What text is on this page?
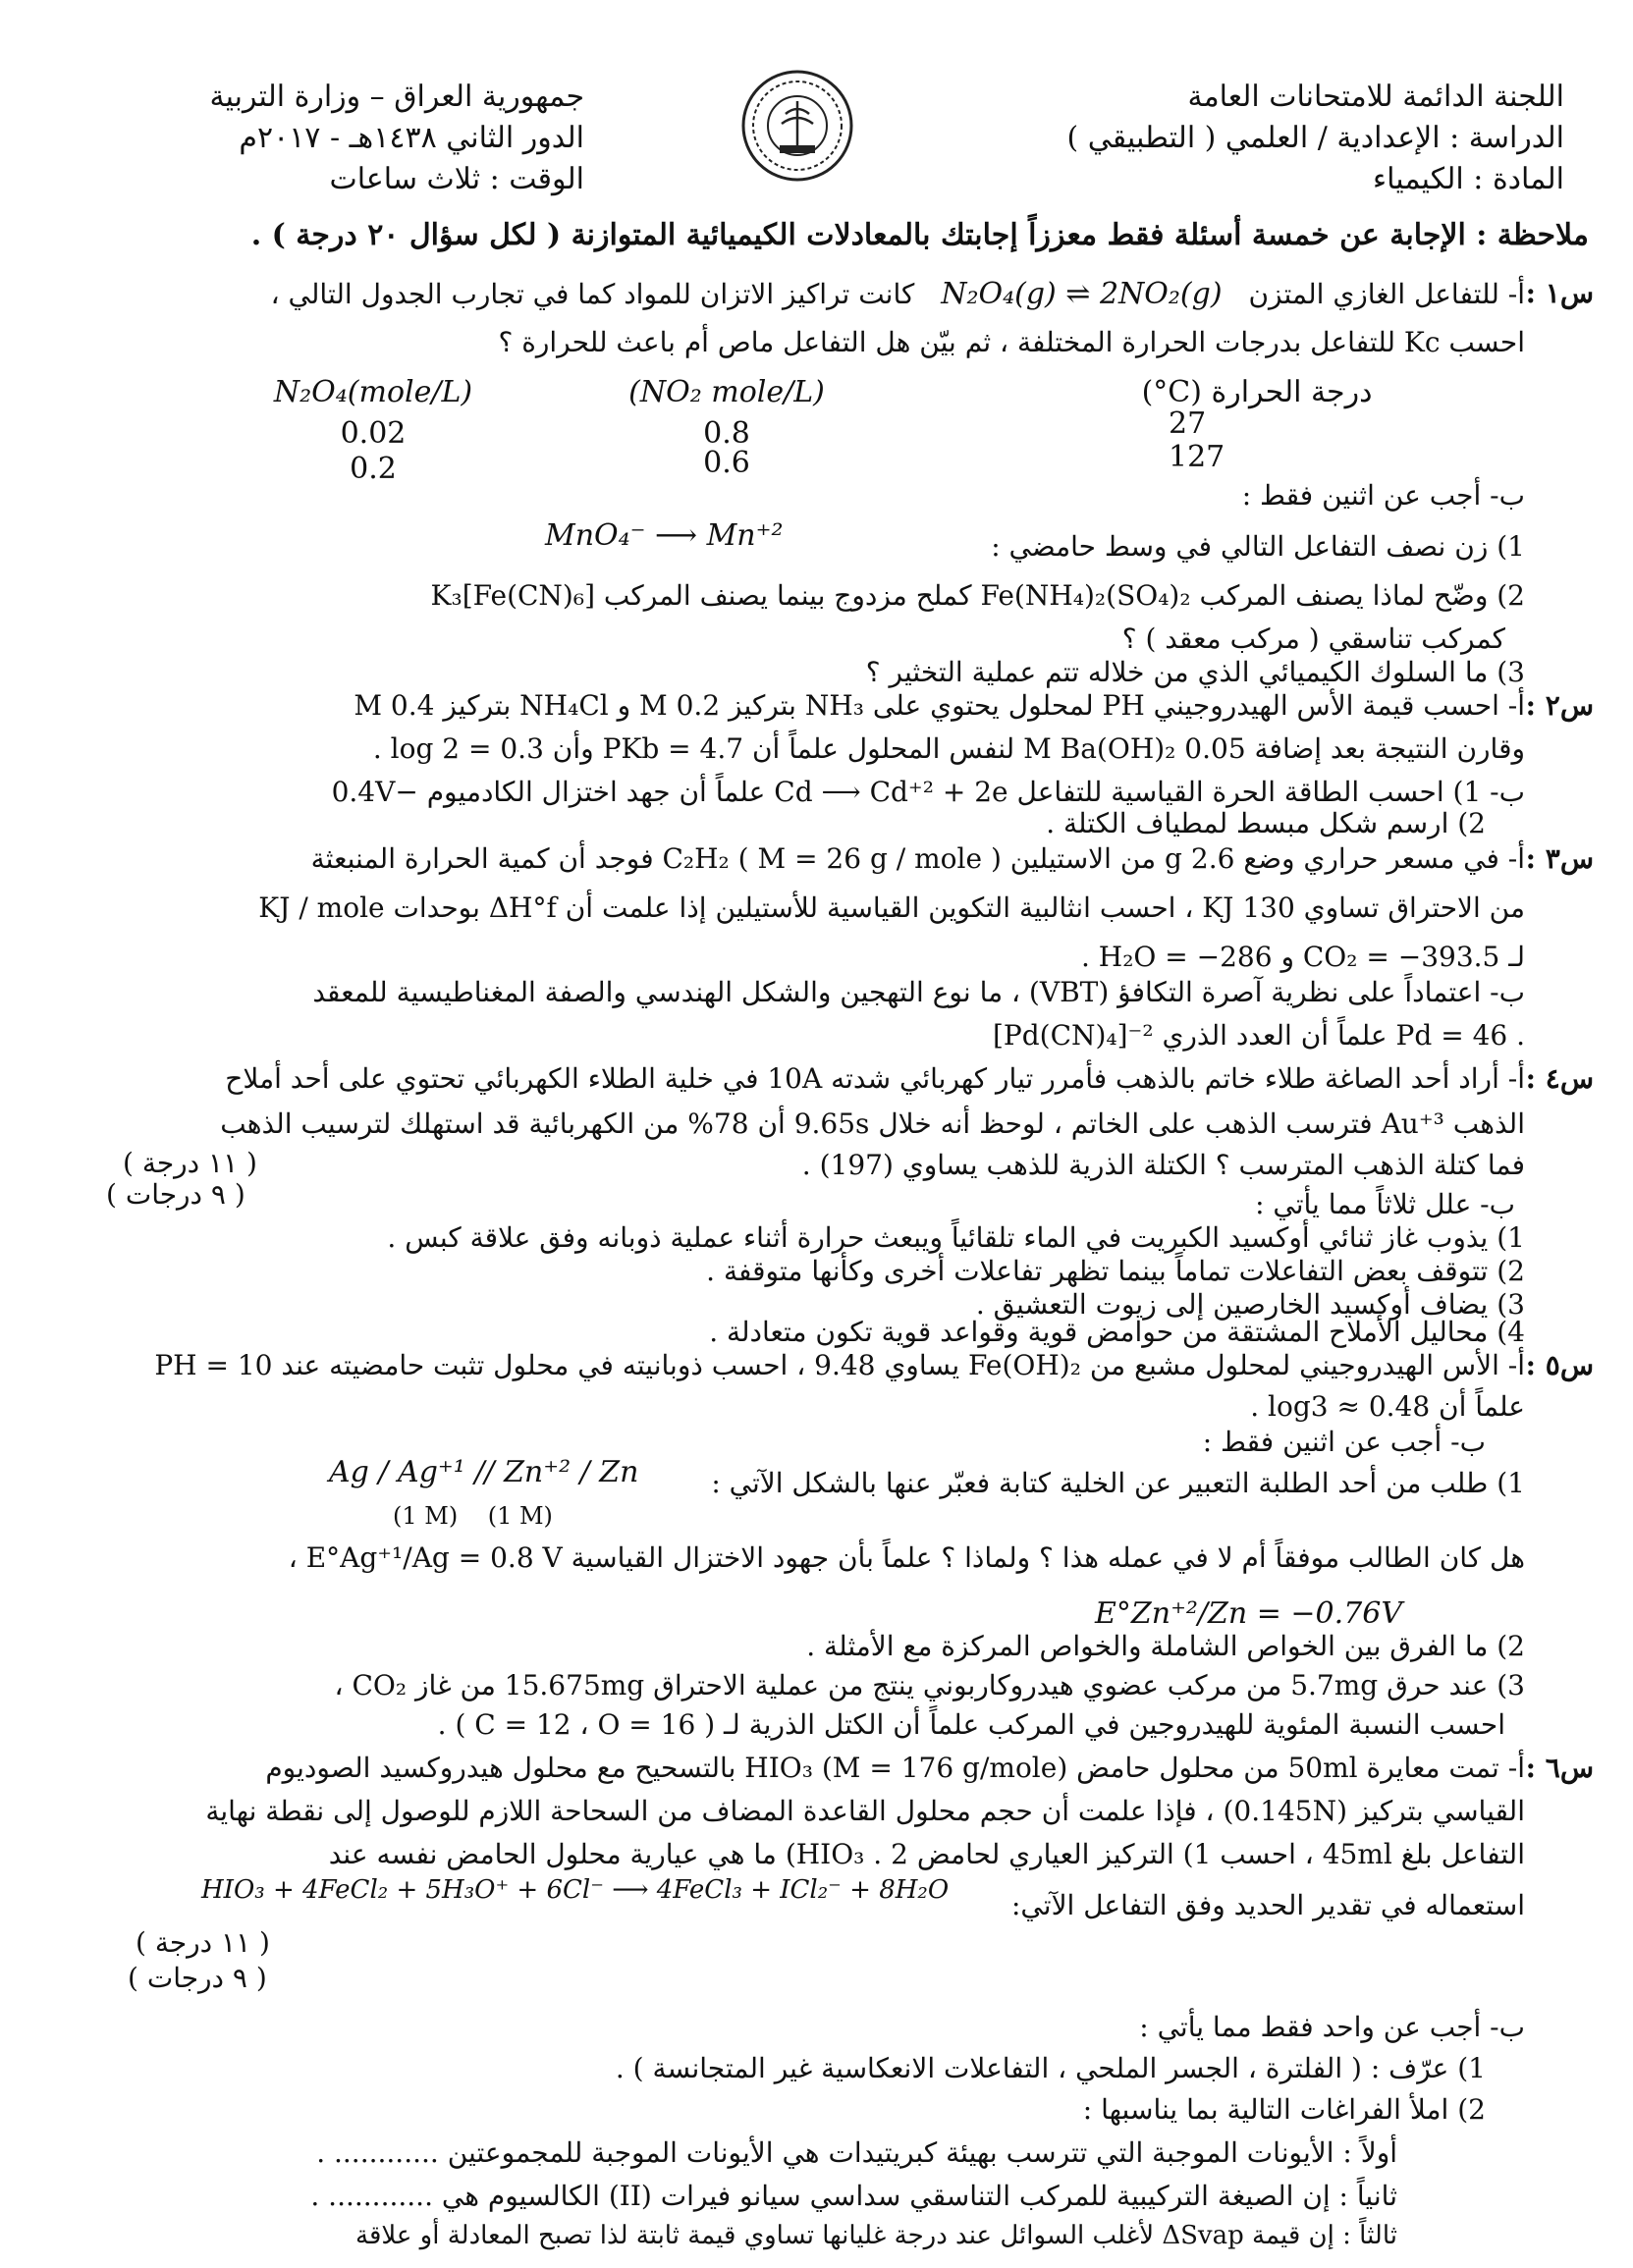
اللجنة الدائمة للامتحانات العامة
الدراسة : الإعدادية / العلمي ( التطبيقي )
المادة : الكيمياء
جمهورية العراق – وزارة التربية
الدور الثاني ١٤٣٨هـ - ٢٠١٧م
الوقت : ثلاث ساعات
ملاحظة : الإجابة عن خمسة أسئلة فقط معززاً إجابتك بالمعادلات الكيميائية المتوازنة ( لكل سؤال ٢٠ درجة ) .
س١ :
أ- للتفاعل الغازي المتزن N₂O₄(g) ⇌ 2NO₂(g) كانت تراكيز الاتزان للمواد كما في تجارب الجدول التالي ،
احسب Kc للتفاعل بدرجات الحرارة المختلفة ، ثم بيّن هل التفاعل ماص أم باعث للحرارة ؟
درجة الحرارة (C°)
(NO₂ mole/L)
N₂O₄(mole/L)
27
0.8
0.02
127
0.6
0.2
ب- أجب عن اثنين فقط :
MnO₄⁻ ⟶ Mn⁺²	1) زن نصف التفاعل التالي في وسط حامضي :
2) وضّح لماذا يصنف المركب Fe(NH₄)₂(SO₄)₂ كملح مزدوج بينما يصنف المركب K₃[Fe(CN)₆]
كمركب تناسقي ( مركب معقد ) ؟
3) ما السلوك الكيميائي الذي من خلاله تتم عملية التخثير ؟
س٢ :
أ- احسب قيمة الأس الهيدروجيني PH لمحلول يحتوي على NH₃ بتركيز 0.2 M و NH₄Cl بتركيز 0.4 M
وقارن النتيجة بعد إضافة 0.05 M Ba(OH)₂ لنفس المحلول علماً أن PKb = 4.7 وأن log 2 = 0.3 .
ب- 1) احسب الطاقة الحرة القياسية للتفاعل Cd ⟶ Cd⁺² + 2e علماً أن جهد اختزال الكادميوم −0.4V
2) ارسم شكل مبسط لمطياف الكتلة .
س٣ :
أ- في مسعر حراري وضع 2.6 g من الاستيلين C₂H₂ ( M = 26 g / mole ) فوجد أن كمية الحرارة المنبعثة
من الاحتراق تساوي 130 KJ ، احسب انثالبية التكوين القياسية للأستيلين إذا علمت أن ΔH°f بوحدات KJ / mole
لـ CO₂ = −393.5 و H₂O = −286 .
ب- اعتماداً على نظرية آصرة التكافؤ (VBT) ، ما نوع التهجين والشكل الهندسي والصفة المغناطيسية للمعقد
[Pd(CN)₄]⁻² علماً أن العدد الذري Pd = 46 .
س٤ :
أ- أراد أحد الصاغة طلاء خاتم بالذهب فأمرر تيار كهربائي شدته 10A في خلية الطلاء الكهربائي تحتوي على أحد أملاح
الذهب Au⁺³ فترسب الذهب على الخاتم ، لوحظ أنه خلال 9.65s أن 78% من الكهربائية قد استهلك لترسيب الذهب
فما كتلة الذهب المترسب ؟ الكتلة الذرية للذهب يساوي (197) .
( ١١ درجة )
( ٩ درجات )	ب- علل ثلاثاً مما يأتي :
1) يذوب غاز ثنائي أوكسيد الكبريت في الماء تلقائياً ويبعث حرارة أثناء عملية ذوبانه وفق علاقة كبس .
2) تتوقف بعض التفاعلات تماماً بينما تظهر تفاعلات أخرى وكأنها متوقفة .
3) يضاف أوكسيد الخارصين إلى زيوت التعشيق .
4) محاليل الأملاح المشتقة من حوامض قوية وقواعد قوية تكون متعادلة .
س٥ :
أ- الأس الهيدروجيني لمحلول مشبع من Fe(OH)₂ يساوي 9.48 ، احسب ذوبانيته في محلول تثبت حامضيته عند PH = 10
علماً أن log3 ≈ 0.48 .
ب- أجب عن اثنين فقط :
1) طلب من أحد الطلبة التعبير عن الخلية كتابة فعبّر عنها بالشكل الآتي :
Ag / Ag⁺¹ // Zn⁺² / Zn
(1 M)    (1 M)
هل كان الطالب موفقاً أم لا في عمله هذا ؟ ولماذا ؟ علماً بأن جهود الاختزال القياسية E°Ag⁺¹/Ag = 0.8 V ،
E°Zn⁺²/Zn = −0.76V
2) ما الفرق بين الخواص الشاملة والخواص المركزة مع الأمثلة .
3) عند حرق 5.7mg من مركب عضوي هيدروكاربوني ينتج من عملية الاحتراق 15.675mg من غاز CO₂ ،
احسب النسبة المئوية للهيدروجين في المركب علماً أن الكتل الذرية لـ ( C = 12 ، O = 16 ) .
س٦ :
أ- تمت معايرة 50ml من محلول حامض HIO₃ (M = 176 g/mole) بالتسحيح مع محلول هيدروكسيد الصوديوم
القياسي بتركيز (0.145N) ، فإذا علمت أن حجم محلول القاعدة المضاف من السحاحة اللازم للوصول إلى نقطة نهاية
التفاعل بلغ 45ml ، احسب 1) التركيز العياري لحامض HIO₃ . 2) ما هي عيارية محلول الحامض نفسه عند
استعماله في تقدير الحديد وفق التفاعل الآتي:
HIO₃ + 4FeCl₂ + 5H₃O⁺ + 6Cl⁻ ⟶ 4FeCl₃ + ICl₂⁻ + 8H₂O
( ١١ درجة )
( ٩ درجات )
ب- أجب عن واحد فقط مما يأتي :
1) عرّف : ( الفلترة ، الجسر الملحي ، التفاعلات الانعكاسية غير المتجانسة ) .
2) املأ الفراغات التالية بما يناسبها :
أولاً : الأيونات الموجبة التي تترسب بهيئة كبريتيدات هي الأيونات الموجبة للمجموعتين ............ .
ثانياً : إن الصيغة التركيبية للمركب التناسقي سداسي سيانو فيرات (II) الكالسيوم هي ............ .
ثالثاً : إن قيمة ΔSvap لأغلب السوائل عند درجة غليانها تساوي قيمة ثابتة لذا تصبح المعادلة أو علاقة
